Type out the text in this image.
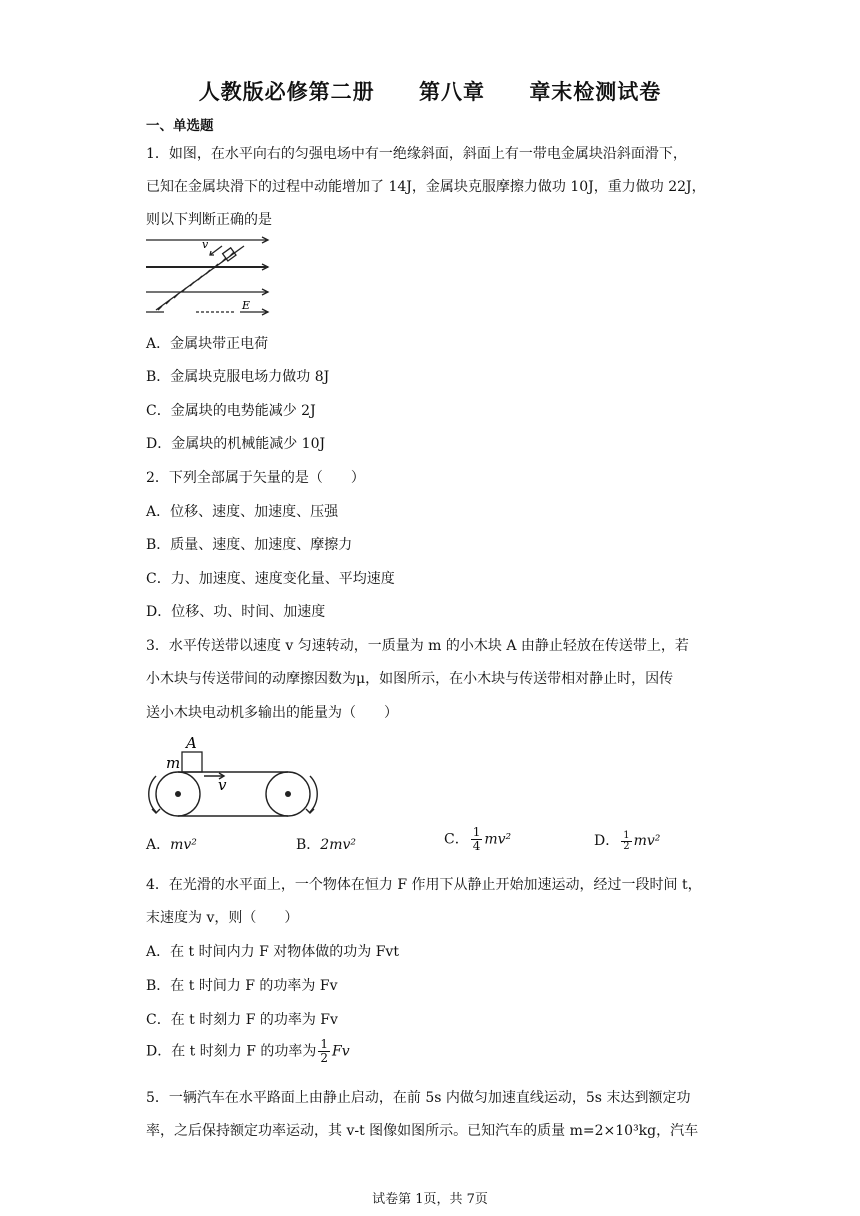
人教版必修第二册 第八章 章末检测试卷
一、单选题
1．如图，在水平向右的匀强电场中有一绝缘斜面，斜面上有一带电金属块沿斜面滑下，
已知在金属块滑下的过程中动能增加了 14J，金属块克服摩擦力做功 10J，重力做功 22J，
则以下判断正确的是
v
E
A．金属块带正电荷
B．金属块克服电场力做功 8J
C．金属块的电势能减少 2J
D．金属块的机械能减少 10J
2．下列全部属于矢量的是（　　）
A．位移、速度、加速度、压强
B．质量、速度、加速度、摩擦力
C．力、加速度、速度变化量、平均速度
D．位移、功、时间、加速度
3．水平传送带以速度 v 匀速转动，一质量为 m 的小木块 A 由静止轻放在传送带上，若
小木块与传送带间的动摩擦因数为μ，如图所示，在小木块与传送带相对静止时，因传
送小木块电动机多输出的能量为（　　）
A
m
v
A．mv²	B．2mv²	C． $\frac{1}{4} mv^2$	D． $\frac{1}{2} mv^2$
4．在光滑的水平面上，一个物体在恒力 F 作用下从静止开始加速运动，经过一段时间 t，
末速度为 v，则（　　）
A．在 t 时间内力 F 对物体做的功为 Fvt
B．在 t 时间力 F 的功率为 Fv
C．在 t 时刻力 F 的功率为 Fv
D．在 t 时刻力 F 的功率为 $\frac{1}{2}$ Fv
5．一辆汽车在水平路面上由静止启动，在前 5s 内做匀加速直线运动，5s 末达到额定功
率，之后保持额定功率运动，其 v-t 图像如图所示。已知汽车的质量 m=2×10³kg，汽车
试卷第 1页，共 7页
